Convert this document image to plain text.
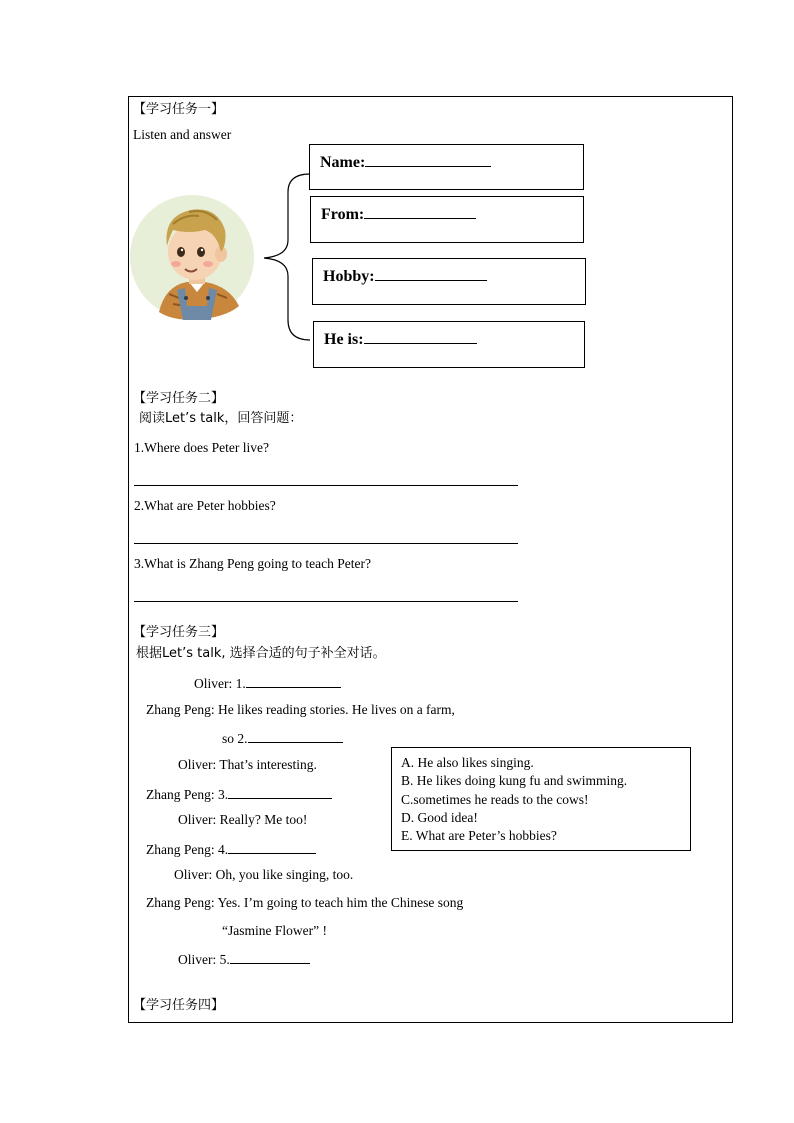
【学习任务一】
Listen and answer
Name:
From:
Hobby:
He is:
【学习任务二】
阅读Let’s talk，回答问题：
1.Where does Peter live?
2.What are Peter hobbies?
3.What is Zhang Peng going to teach Peter?
【学习任务三】
根据Let’s talk, 选择合适的句子补全对话。
Oliver: 1.
Zhang Peng: He likes reading stories. He lives on a farm,
so 2.
Oliver: That’s interesting.
Zhang Peng: 3.
Oliver: Really? Me too!
Zhang Peng: 4.
Oliver: Oh, you like singing, too.
Zhang Peng: Yes. I’m going to teach him the Chinese song
“Jasmine Flower” !
Oliver: 5.
A. He also likes singing.
B. He likes doing kung fu and swimming.
C.sometimes he reads to the cows!
D. Good idea!
E. What are Peter’s hobbies?
【学习任务四】
